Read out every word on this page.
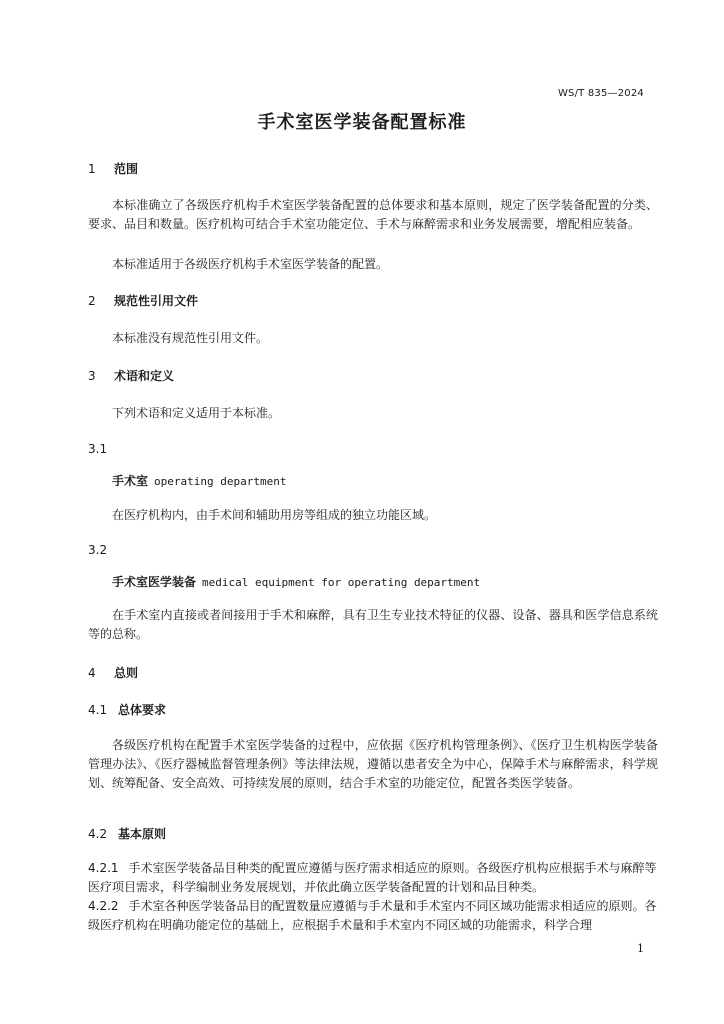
WS/T 835—2024
手术室医学装备配置标准
1 范围
本标准确立了各级医疗机构手术室医学装备配置的总体要求和基本原则，规定了医学装备配置的分类、要求、品目和数量。医疗机构可结合手术室功能定位、手术与麻醉需求和业务发展需要，增配相应装备。
本标准适用于各级医疗机构手术室医学装备的配置。
2 规范性引用文件
本标准没有规范性引用文件。
3 术语和定义
下列术语和定义适用于本标准。
3.1
手术室 operating department
在医疗机构内，由手术间和辅助用房等组成的独立功能区域。
3.2
手术室医学装备 medical equipment for operating department
在手术室内直接或者间接用于手术和麻醉，具有卫生专业技术特征的仪器、设备、器具和医学信息系统等的总称。
4 总则
4.1 总体要求
各级医疗机构在配置手术室医学装备的过程中，应依据《医疗机构管理条例》、《医疗卫生机构医学装备管理办法》、《医疗器械监督管理条例》等法律法规，遵循以患者安全为中心，保障手术与麻醉需求，科学规划、统筹配备、安全高效、可持续发展的原则，结合手术室的功能定位，配置各类医学装备。
4.2 基本原则
4.2.1 手术室医学装备品目种类的配置应遵循与医疗需求相适应的原则。各级医疗机构应根据手术与麻醉等医疗项目需求，科学编制业务发展规划，并依此确立医学装备配置的计划和品目种类。
4.2.2 手术室各种医学装备品目的配置数量应遵循与手术量和手术室内不同区域功能需求相适应的原则。各级医疗机构在明确功能定位的基础上，应根据手术量和手术室内不同区域的功能需求，科学合理
1
